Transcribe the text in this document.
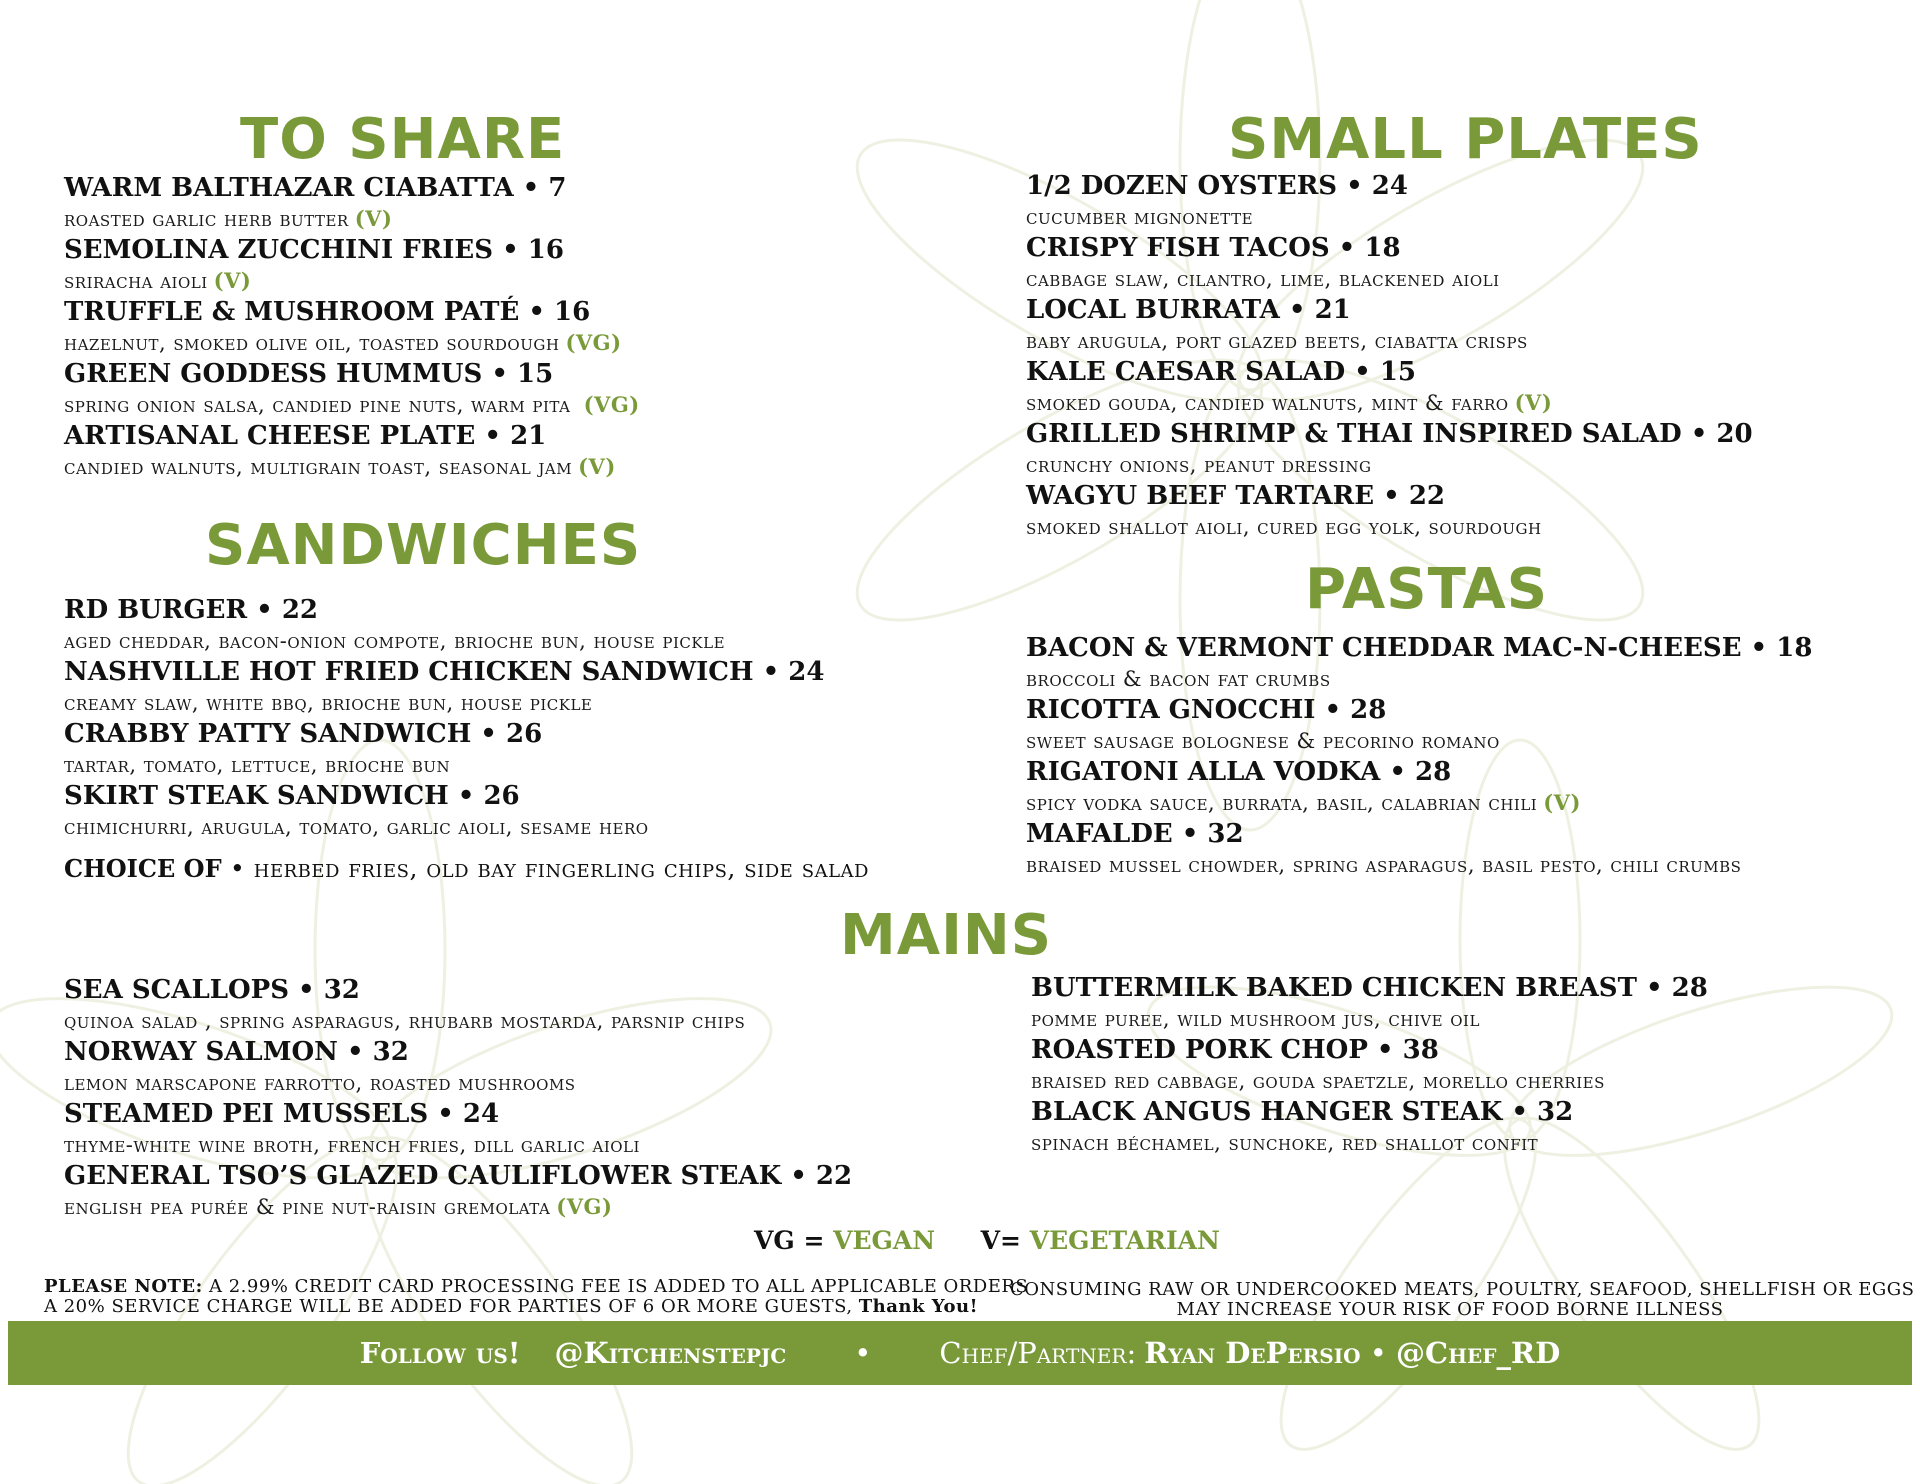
TO SHARE
WARM BALTHAZAR CIABATTA • 7
roasted garlic herb butter (V)
SEMOLINA ZUCCHINI FRIES • 16
sriracha aioli (V)
TRUFFLE & MUSHROOM PATÉ • 16
hazelnut, smoked olive oil, toasted sourdough (VG)
GREEN GODDESS HUMMUS • 15
spring onion salsa, candied pine nuts, warm pita (VG)
ARTISANAL CHEESE PLATE • 21
candied walnuts, multigrain toast, seasonal jam (V)
SMALL PLATES
1/2 DOZEN OYSTERS • 24
cucumber mignonette
CRISPY FISH TACOS • 18
cabbage slaw, cilantro, lime, blackened aioli
LOCAL BURRATA • 21
baby arugula, port glazed beets, ciabatta crisps
KALE CAESAR SALAD • 15
smoked gouda, candied walnuts, mint & farro (V)
GRILLED SHRIMP & THAI INSPIRED SALAD • 20
crunchy onions, peanut dressing
WAGYU BEEF TARTARE • 22
smoked shallot aioli, cured egg yolk, sourdough
SANDWICHES
RD BURGER • 22
aged cheddar, bacon-onion compote, brioche bun, house pickle
NASHVILLE HOT FRIED CHICKEN SANDWICH • 24
creamy slaw, white bbq, brioche bun, house pickle
CRABBY PATTY SANDWICH • 26
tartar, tomato, lettuce, brioche bun
SKIRT STEAK SANDWICH • 26
chimichurri, arugula, tomato, garlic aioli, sesame hero
CHOICE OF • herbed fries, old bay fingerling chips, side salad
PASTAS
BACON & VERMONT CHEDDAR MAC-N-CHEESE • 18
broccoli & bacon fat crumbs
RICOTTA GNOCCHI • 28
sweet sausage bolognese & pecorino romano
RIGATONI ALLA VODKA • 28
spicy vodka sauce, burrata, basil, calabrian chili (V)
MAFALDE • 32
braised mussel chowder, spring asparagus, basil pesto, chili crumbs
MAINS
SEA SCALLOPS • 32
quinoa salad , spring asparagus, rhubarb mostarda, parsnip chips
NORWAY SALMON • 32
lemon marscapone farrotto, roasted mushrooms
STEAMED PEI MUSSELS • 24
thyme-white wine broth, french fries, dill garlic aioli
GENERAL TSO’S GLAZED CAULIFLOWER STEAK • 22
english pea purée & pine nut-raisin gremolata (VG)
BUTTERMILK BAKED CHICKEN BREAST • 28
pomme puree, wild mushroom jus, chive oil
ROASTED PORK CHOP • 38
braised red cabbage, gouda spaetzle, morello cherries
BLACK ANGUS HANGER STEAK • 32
spinach béchamel, sunchoke, red shallot confit
VG = VEGAN V= VEGETARIAN
PLEASE NOTE: A 2.99% CREDIT CARD PROCESSING FEE IS ADDED TO ALL APPLICABLE ORDERS
A 20% SERVICE CHARGE WILL BE ADDED FOR PARTIES OF 6 OR MORE GUESTS, Thank You!
CONSUMING RAW OR UNDERCOOKED MEATS, POULTRY, SEAFOOD, SHELLFISH OR EGGS
MAY INCREASE YOUR RISK OF FOOD BORNE ILLNESS
Follow us! @Kitchenstepjc • Chef/Partner: Ryan DePersio • @Chef_RD
